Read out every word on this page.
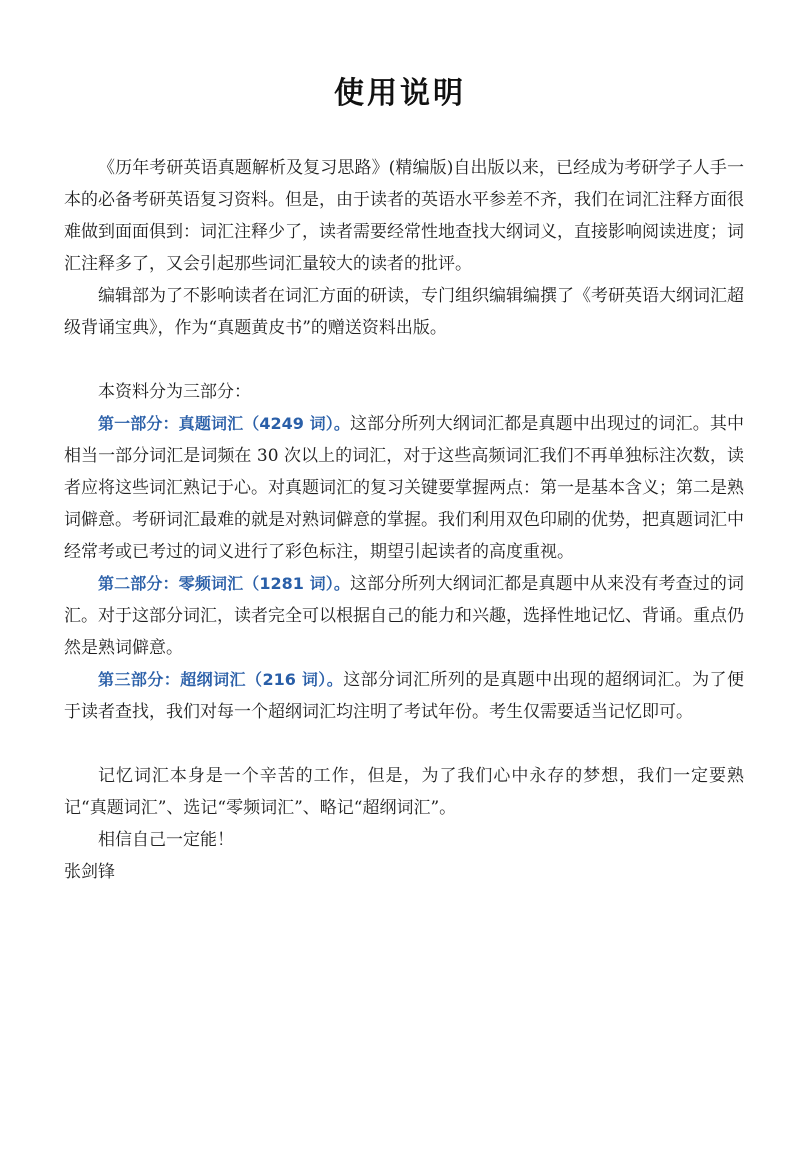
使用说明

《历年考研英语真题解析及复习思路》(精编版)自出版以来，已经成为考研学子人手一本的必备考研英语复习资料。但是，由于读者的英语水平参差不齐，我们在词汇注释方面很难做到面面俱到：词汇注释少了，读者需要经常性地查找大纲词义，直接影响阅读进度；词汇注释多了，又会引起那些词汇量较大的读者的批评。

编辑部为了不影响读者在词汇方面的研读，专门组织编辑编撰了《考研英语大纲词汇超级背诵宝典》，作为“真题黄皮书”的赠送资料出版。

本资料分为三部分：

第一部分：真题词汇（4249 词）。这部分所列大纲词汇都是真题中出现过的词汇。其中相当一部分词汇是词频在 30 次以上的词汇，对于这些高频词汇我们不再单独标注次数，读者应将这些词汇熟记于心。对真题词汇的复习关键要掌握两点：第一是基本含义；第二是熟词僻意。考研词汇最难的就是对熟词僻意的掌握。我们利用双色印刷的优势，把真题词汇中经常考或已考过的词义进行了彩色标注，期望引起读者的高度重视。

第二部分：零频词汇（1281 词）。这部分所列大纲词汇都是真题中从来没有考查过的词汇。对于这部分词汇，读者完全可以根据自己的能力和兴趣，选择性地记忆、背诵。重点仍然是熟词僻意。

第三部分：超纲词汇（216 词）。这部分词汇所列的是真题中出现的超纲词汇。为了便于读者查找，我们对每一个超纲词汇均注明了考试年份。考生仅需要适当记忆即可。

记忆词汇本身是一个辛苦的工作，但是，为了我们心中永存的梦想，我们一定要熟记“真题词汇”、选记“零频词汇”、略记“超纲词汇”。

相信自己一定能！

张剑锋
